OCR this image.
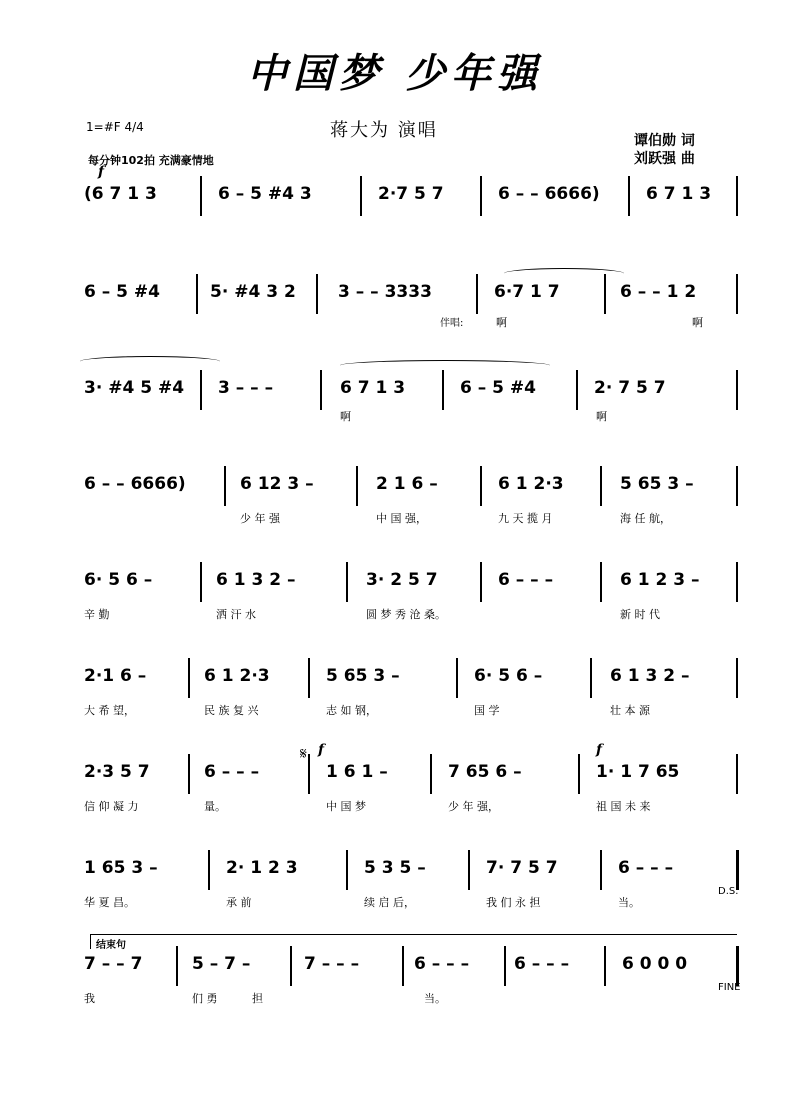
中国梦 少年强
蒋大为 演唱	谭伯勋 词
刘跃强 曲
1=#F 4/4
每分钟102拍 充满豪情地
f
(6 7 1 3	6 – 5 #4 3	2·7 5 7	6 – – 6666)	6 7 1 3
6 – 5 #4	5· #4 3 2 3 – – 3333	6·7 1 7	6 – – 1 2
伴唱:	啊	啊
3· #4 5 #4 3 – – –	6 7 1 3	6 – 5 #4	2· 7 5 7
啊	啊
6 – – 6666)	6 12 3 –	2 1 6 –	6 1 2·3	5 65 3 –
少 年 强	中 国 强，	九 天 揽 月	海 任 航，
6· 5 6 –	6 1 3 2 –	3· 2 5 7	6 – – –	6 1 2 3 –
辛 勤	洒 汗 水	圆 梦 秀 沧 桑。	新 时 代
2·1 6 –	6 1 2·3	5 65 3 –	6· 5 6 –	6 1 3 2 –
大 希 望，	民 族 复 兴	志 如 钢，	国 学	壮 本 源
𝄋 f	f
2·3 5 7	6 – – –	1 6 1 –	7 65 6 –	1· 1 7 65
信 仰 凝 力	量。	中 国 梦	少 年 强，	祖 国 未 来
1 65 3 –	2· 1 2 3	5 3 5 –	7· 7 5 7	6 – – –
华 夏 昌。	承 前	续 启 后，	我 们 永 担	当。
D.S.
结束句
7 – – 7	5 – 7 –	7 – – –	6 – – –	6 – – –	6 0 0 0
我	们 勇	担	当。
FINE
